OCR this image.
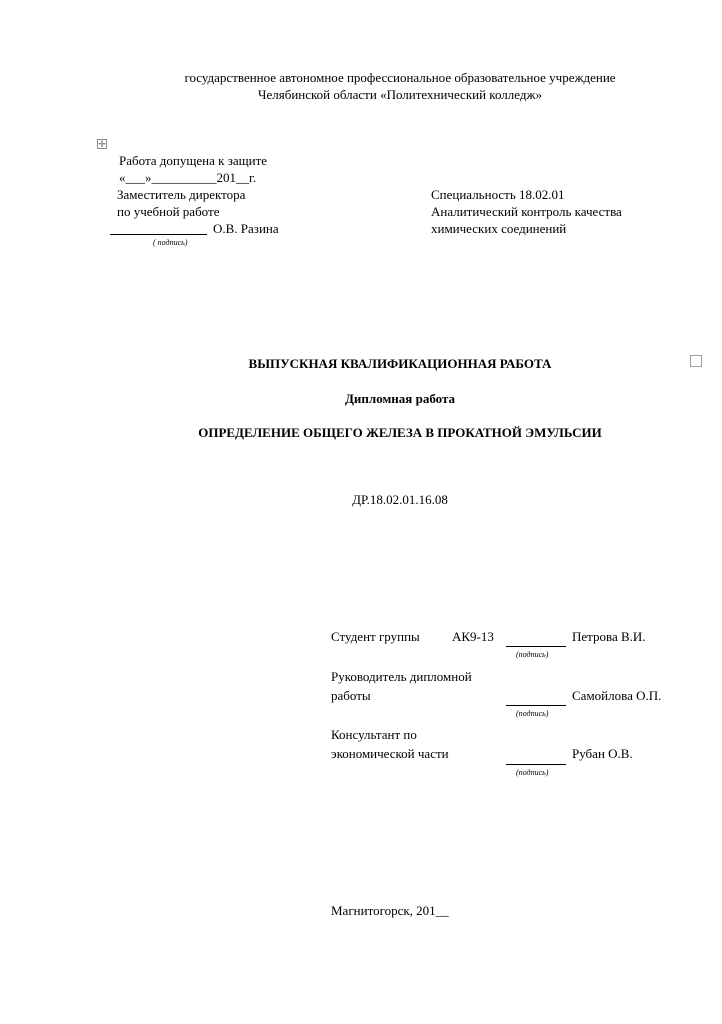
государственное автономное профессиональное образовательное учреждение
Челябинской области «Политехнический колледж»
✛
Работа допущена к защите
«___»__________201__г.
Заместитель директора
по учебной работе
О.В. Разина
( подпись)
Специальность 18.02.01
Аналитический контроль качества
химических соединений
ВЫПУСКНАЯ КВАЛИФИКАЦИОННАЯ РАБОТА
Дипломная работа
ОПРЕДЕЛЕНИЕ ОБЩЕГО ЖЕЛЕЗА В ПРОКАТНОЙ ЭМУЛЬСИИ
ДР.18.02.01.16.08
Студент группы АК9-13	Петрова В.И.
(подпись)
Руководитель дипломной
работы	Самойлова О.П.
(подпись)
Консультант по
экономической части	Рубан О.В.
(подпись)
Магнитогорск, 201__
